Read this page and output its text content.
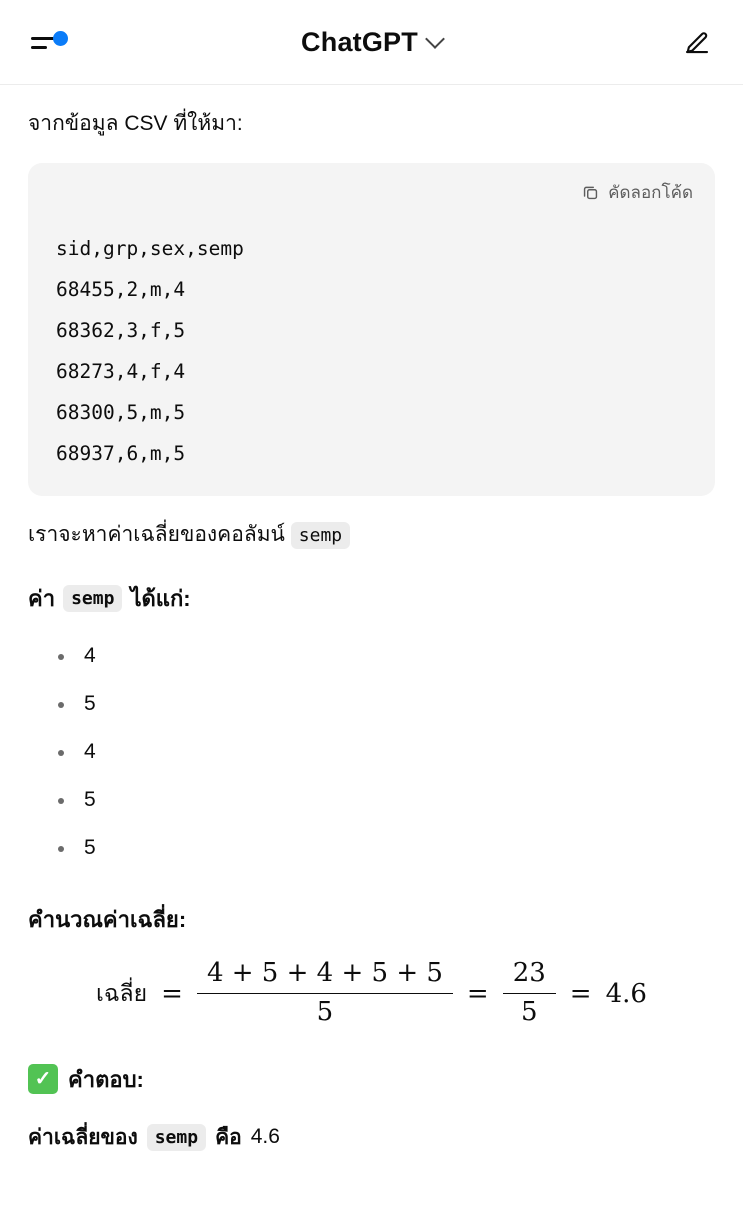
ChatGPT

จากข้อมูล CSV ที่ให้มา:

คัดลอกโค้ด
sid,grp,sex,semp
68455,2,m,4
68362,3,f,5
68273,4,f,4
68300,5,m,5
68937,6,m,5

เราจะหาค่าเฉลี่ยของคอลัมน์ semp

ค่า semp ได้แก่:
4
5
4
5
5
คำนวณค่าเฉลี่ย:
เฉลี่ย = $\frac{4 + 5 + 4 + 5 + 5}{5} = \frac{23}{5} = 4.6$
✓ คำตอบ:
ค่าเฉลี่ยของ semp คือ 4.6
